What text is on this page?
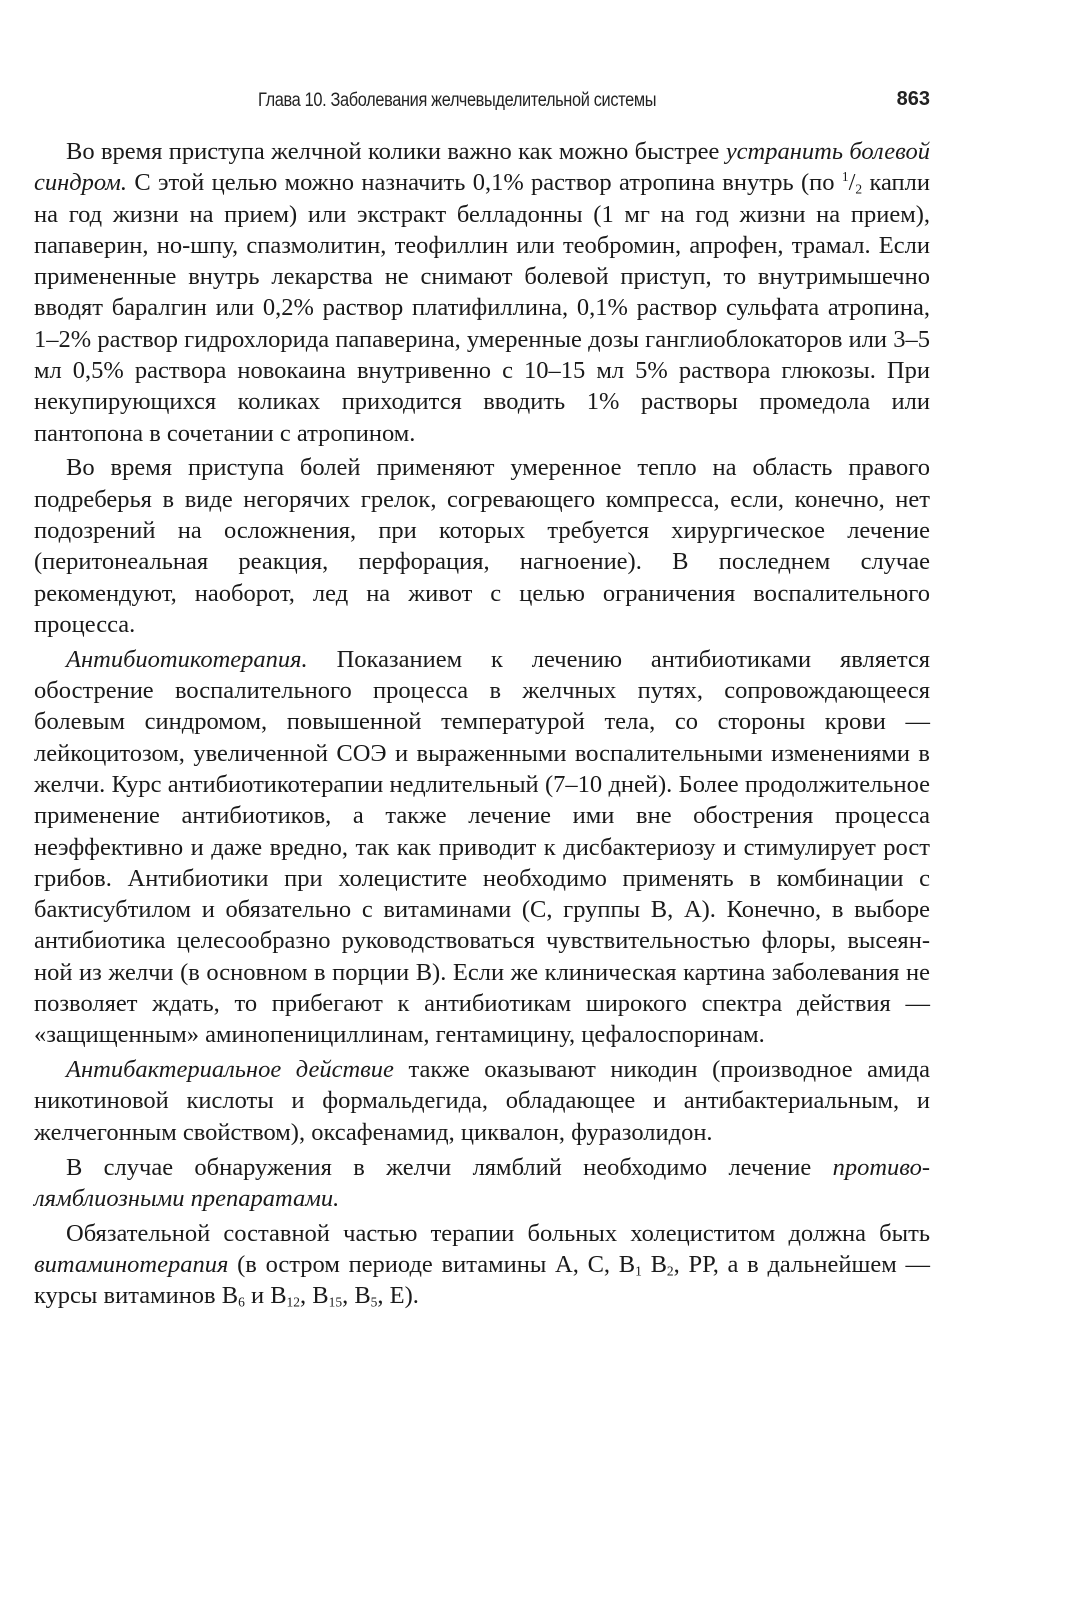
Глава 10. Заболевания желчевыделительной системы	863

Во время приступа желчной колики важно как можно быстрее устранить болевой синдром. С этой целью можно назначить 0,1% раствор атропина внутрь (по $^1/_2$ капли на год жизни на прием) или экстракт белладонны (1 мг на год жизни на прием), папаверин, но-шпу, спазмолитин, теофиллин или теобромин, апрофен, трамал. Если примененные внутрь лекарства не снимают болевой приступ, то внутримышечно вводят баралгин или 0,2% раствор платифиллина, 0,1% раствор сульфата атропина, 1–2% раствор гидрохлорида папаверина, умеренные дозы ганглиоблокаторов или 3–5 мл 0,5% раствора новокаина внутривенно с 10–15 мл 5% раствора глюкозы. При некупирующихся коликах приходится вводить 1% растворы промедола или пантопона в сочетании с атропином.

Во время приступа болей применяют умеренное тепло на область правого подреберья в виде негорячих грелок, согревающего компресса, если, конечно, нет подозрений на осложнения, при которых требуется хирургическое лечение (перитонеальная реакция, перфорация, нагноение). В последнем случае рекомендуют, наоборот, лед на живот с целью ограничения воспалительного процесса.

Антибиотикотерапия. Показанием к лечению антибиотиками является обострение воспалительного процесса в желчных путях, сопровождающееся болевым синдромом, повышенной температурой тела, со стороны крови — лейкоцитозом, увеличенной СОЭ и выраженными воспалительными изменениями в желчи. Курс антибиотикотерапии недлительный (7–10 дней). Более продолжительное применение антибиотиков, а также лечение ими вне обострения процесса неэффективно и даже вредно, так как приводит к дисбактериозу и стимулирует рост грибов. Антибиотики при холецистите необходимо применять в комбинации с бактисубтилом и обязательно с витаминами (С, группы В, А). Конечно, в выборе антибиотика целесообразно руководствоваться чувствительностью флоры, высеянной из желчи (в основном в порции В). Если же клиническая картина заболевания не позволяет ждать, то прибегают к антибиотикам широкого спектра действия — «защищенным» аминопенициллинам, гентамицину, цефалоспоринам.

Антибактериальное действие также оказывают никодин (производное амида никотиновой кислоты и формальдегида, обладающее и антибактериальным, и желчегонным свойством), оксафенамид, циквалон, фуразолидон.

В случае обнаружения в желчи лямблий необходимо лечение противолямблиозными препаратами.

Обязательной составной частью терапии больных холециститом должна быть витаминотерапия (в остром периоде витамины А, С, $В_1$ $В_2$, РР, а в дальнейшем — курсы витаминов $В_6$ и $В_{12}$, $В_{15}$, $В_5$, Е).
